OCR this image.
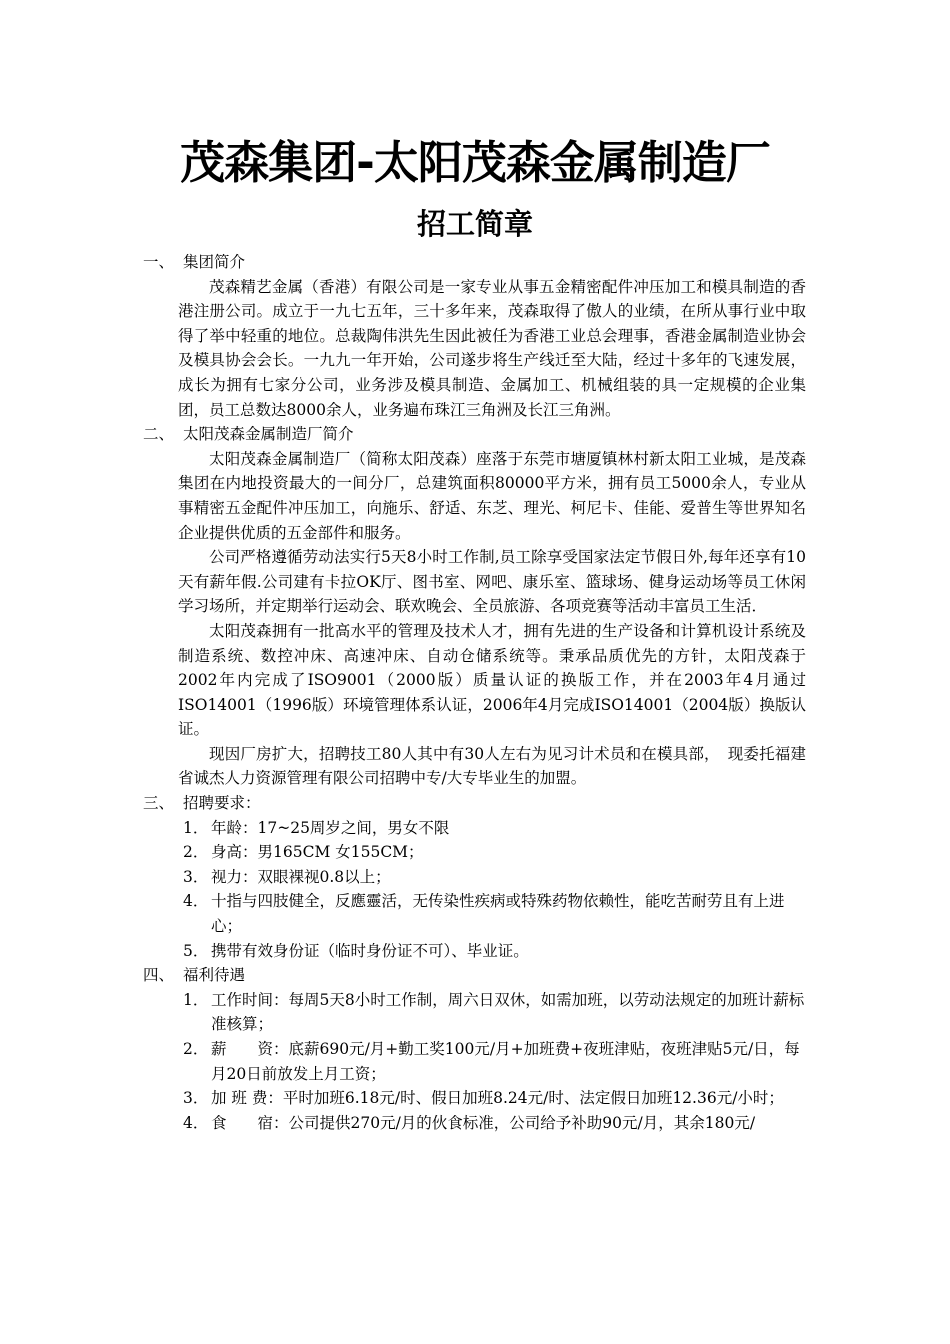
茂森集团-太阳茂森金属制造厂
招工简章
一、 集团简介
茂森精艺金属（香港）有限公司是一家专业从事五金精密配件冲压加工和模具制造的香港注册公司。成立于一九七五年，三十多年来，茂森取得了傲人的业绩，在所从事行业中取得了举中轻重的地位。总裁陶伟洪先生因此被任为香港工业总会理事，香港金属制造业协会及模具协会会长。一九九一年开始，公司遂步将生产线迁至大陆，经过十多年的飞速发展，成长为拥有七家分公司，业务涉及模具制造、金属加工、机械组装的具一定规模的企业集团，员工总数达8000余人，业务遍布珠江三角洲及长江三角洲。
二、 太阳茂森金属制造厂简介
太阳茂森金属制造厂（简称太阳茂森）座落于东莞市塘厦镇林村新太阳工业城，是茂森集团在内地投资最大的一间分厂，总建筑面积80000平方米，拥有员工5000余人，专业从事精密五金配件冲压加工，向施乐、舒适、东芝、理光、柯尼卡、佳能、爱普生等世界知名企业提供优质的五金部件和服务。
公司严格遵循劳动法实行5天8小时工作制,员工除享受国家法定节假日外,每年还享有10天有薪年假.公司建有卡拉OK厅、图书室、网吧、康乐室、篮球场、健身运动场等员工休闲学习场所，并定期举行运动会、联欢晚会、全员旅游、各项竞赛等活动丰富员工生活．
太阳茂森拥有一批高水平的管理及技术人才，拥有先进的生产设备和计算机设计系统及制造系统、数控冲床、高速冲床、自动仓储系统等。秉承品质优先的方针，太阳茂森于2002年内完成了ISO9001（2000版）质量认证的换版工作，并在2003年4月通过ISO14001（1996版）环境管理体系认证，2006年4月完成ISO14001（2004版）换版认证。
现因厂房扩大，招聘技工80人其中有30人左右为见习计术员和在模具部，　现委托福建省诚杰人力资源管理有限公司招聘中专/大专毕业生的加盟。
三、 招聘要求：
1． 年龄：17~25周岁之间，男女不限
2． 身高：男165CM 女155CM；
3． 视力：双眼裸视0.8以上；
4． 十指与四肢健全，反應靈活，无传染性疾病或特殊药物依赖性，能吃苦耐劳且有上进心；
5． 携带有效身份证（临时身份证不可）、毕业证。
四、 福利待遇
1． 工作时间：每周5天8小时工作制，周六日双休，如需加班，以劳动法规定的加班计薪标准核算；
2． 薪　　资：底薪690元/月+勤工奖100元/月+加班费+夜班津贴，夜班津贴5元/日，每月20日前放发上月工资；
3． 加 班 费：平时加班6.18元/时、假日加班8.24元/时、法定假日加班12.36元/小时；
4． 食　　宿：公司提供270元/月的伙食标准，公司给予补助90元/月，其余180元/
